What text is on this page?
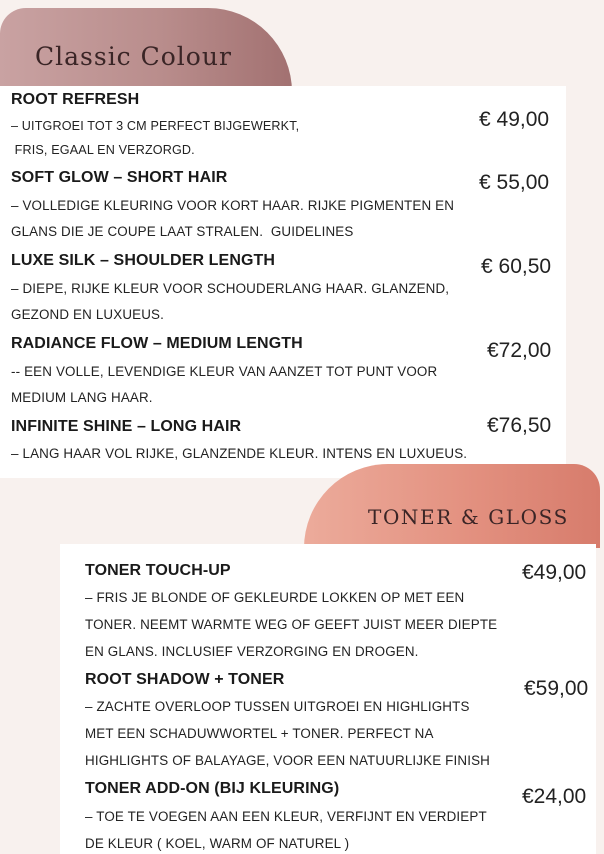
Classic Colour
TONER & GLOSS
ROOT REFRESH
– UITGROEI TOT 3 CM PERFECT BIJGEWERKT,
FRIS, EGAAL EN VERZORGD.
€ 49,00
SOFT GLOW – SHORT HAIR
– VOLLEDIGE KLEURING VOOR KORT HAAR. RIJKE PIGMENTEN EN
GLANS DIE JE COUPE LAAT STRALEN.  GUIDELINES
€ 55,00
LUXE SILK – SHOULDER LENGTH
– DIEPE, RIJKE KLEUR VOOR SCHOUDERLANG HAAR. GLANZEND,
GEZOND EN LUXUEUS.
€ 60,50
RADIANCE FLOW – MEDIUM LENGTH
-- EEN VOLLE, LEVENDIGE KLEUR VAN AANZET TOT PUNT VOOR
MEDIUM LANG HAAR.
€72,00
INFINITE SHINE – LONG HAIR
– LANG HAAR VOL RIJKE, GLANZENDE KLEUR. INTENS EN LUXUEUS.
€76,50
TONER TOUCH-UP
– FRIS JE BLONDE OF GEKLEURDE LOKKEN OP MET EEN
TONER. NEEMT WARMTE WEG OF GEEFT JUIST MEER DIEPTE
EN GLANS. INCLUSIEF VERZORGING EN DROGEN.
€49,00
ROOT SHADOW + TONER
– ZACHTE OVERLOOP TUSSEN UITGROEI EN HIGHLIGHTS
MET EEN SCHADUWWORTEL + TONER. PERFECT NA
HIGHLIGHTS OF BALAYAGE, VOOR EEN NATUURLIJKE FINISH
€59,00
TONER ADD-ON (BIJ KLEURING)
– TOE TE VOEGEN AAN EEN KLEUR, VERFIJNT EN VERDIEPT
DE KLEUR ( KOEL, WARM OF NATUREL )
€24,00
